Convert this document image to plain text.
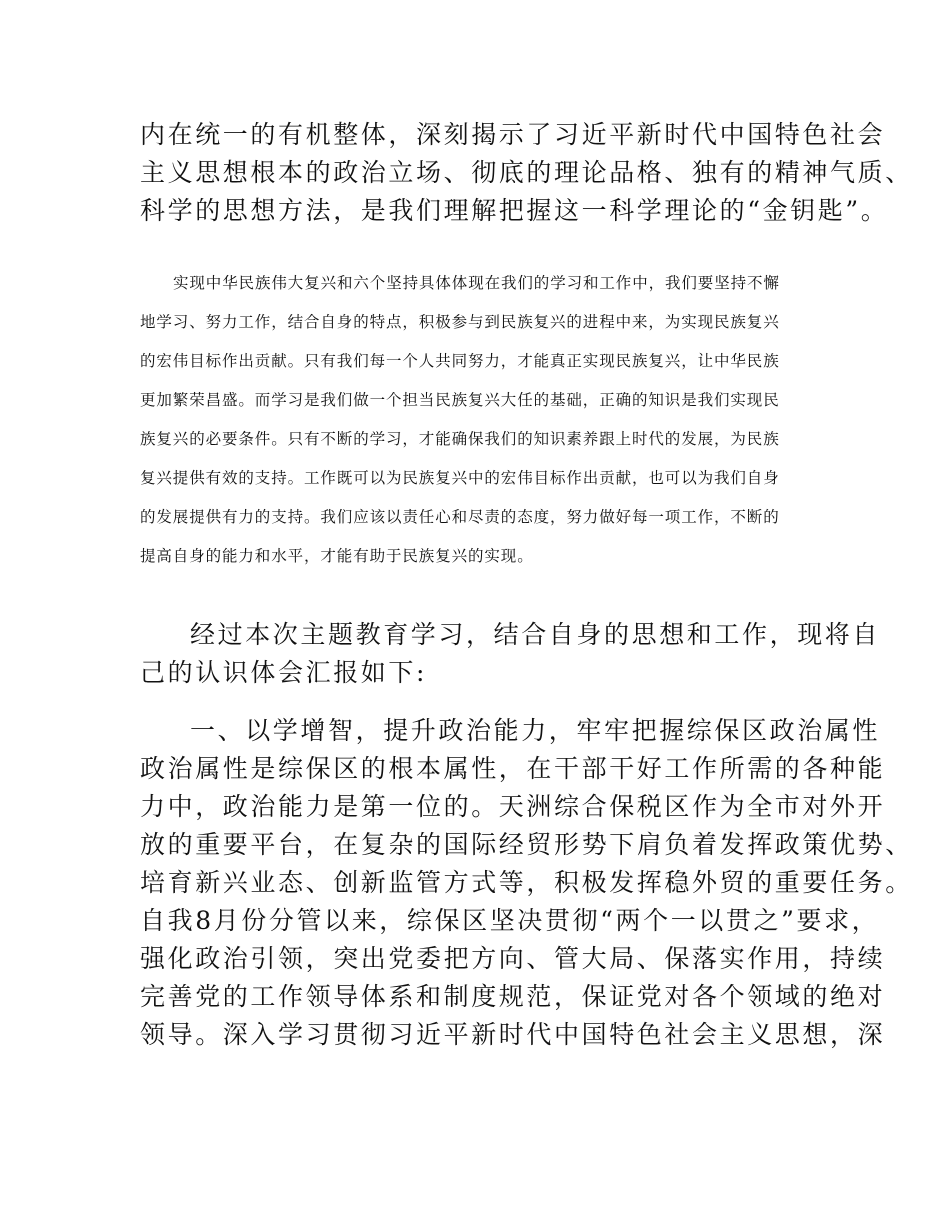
内在统一的有机整体，深刻揭示了习近平新时代中国特色社会
主义思想根本的政治立场、彻底的理论品格、独有的精神气质、
科学的思想方法，是我们理解把握这一科学理论的“金钥匙”。
实现中华民族伟大复兴和六个坚持具体体现在我们的学习和工作中，我们要坚持不懈
地学习、努力工作，结合自身的特点，积极参与到民族复兴的进程中来，为实现民族复兴
的宏伟目标作出贡献。只有我们每一个人共同努力，才能真正实现民族复兴，让中华民族
更加繁荣昌盛。而学习是我们做一个担当民族复兴大任的基础，正确的知识是我们实现民
族复兴的必要条件。只有不断的学习，才能确保我们的知识素养跟上时代的发展，为民族
复兴提供有效的支持。工作既可以为民族复兴中的宏伟目标作出贡献，也可以为我们自身
的发展提供有力的支持。我们应该以责任心和尽责的态度，努力做好每一项工作，不断的
提高自身的能力和水平，才能有助于民族复兴的实现。
经过本次主题教育学习，结合自身的思想和工作，现将自
己的认识体会汇报如下:
一、以学增智，提升政治能力，牢牢把握综保区政治属性
政治属性是综保区的根本属性，在干部干好工作所需的各种能
力中，政治能力是第一位的。天洲综合保税区作为全市对外开
放的重要平台，在复杂的国际经贸形势下肩负着发挥政策优势、
培育新兴业态、创新监管方式等，积极发挥稳外贸的重要任务。
自我8月份分管以来，综保区坚决贯彻“两个一以贯之”要求，
强化政治引领，突出党委把方向、管大局、保落实作用，持续
完善党的工作领导体系和制度规范，保证党对各个领域的绝对
领导。深入学习贯彻习近平新时代中国特色社会主义思想，深
